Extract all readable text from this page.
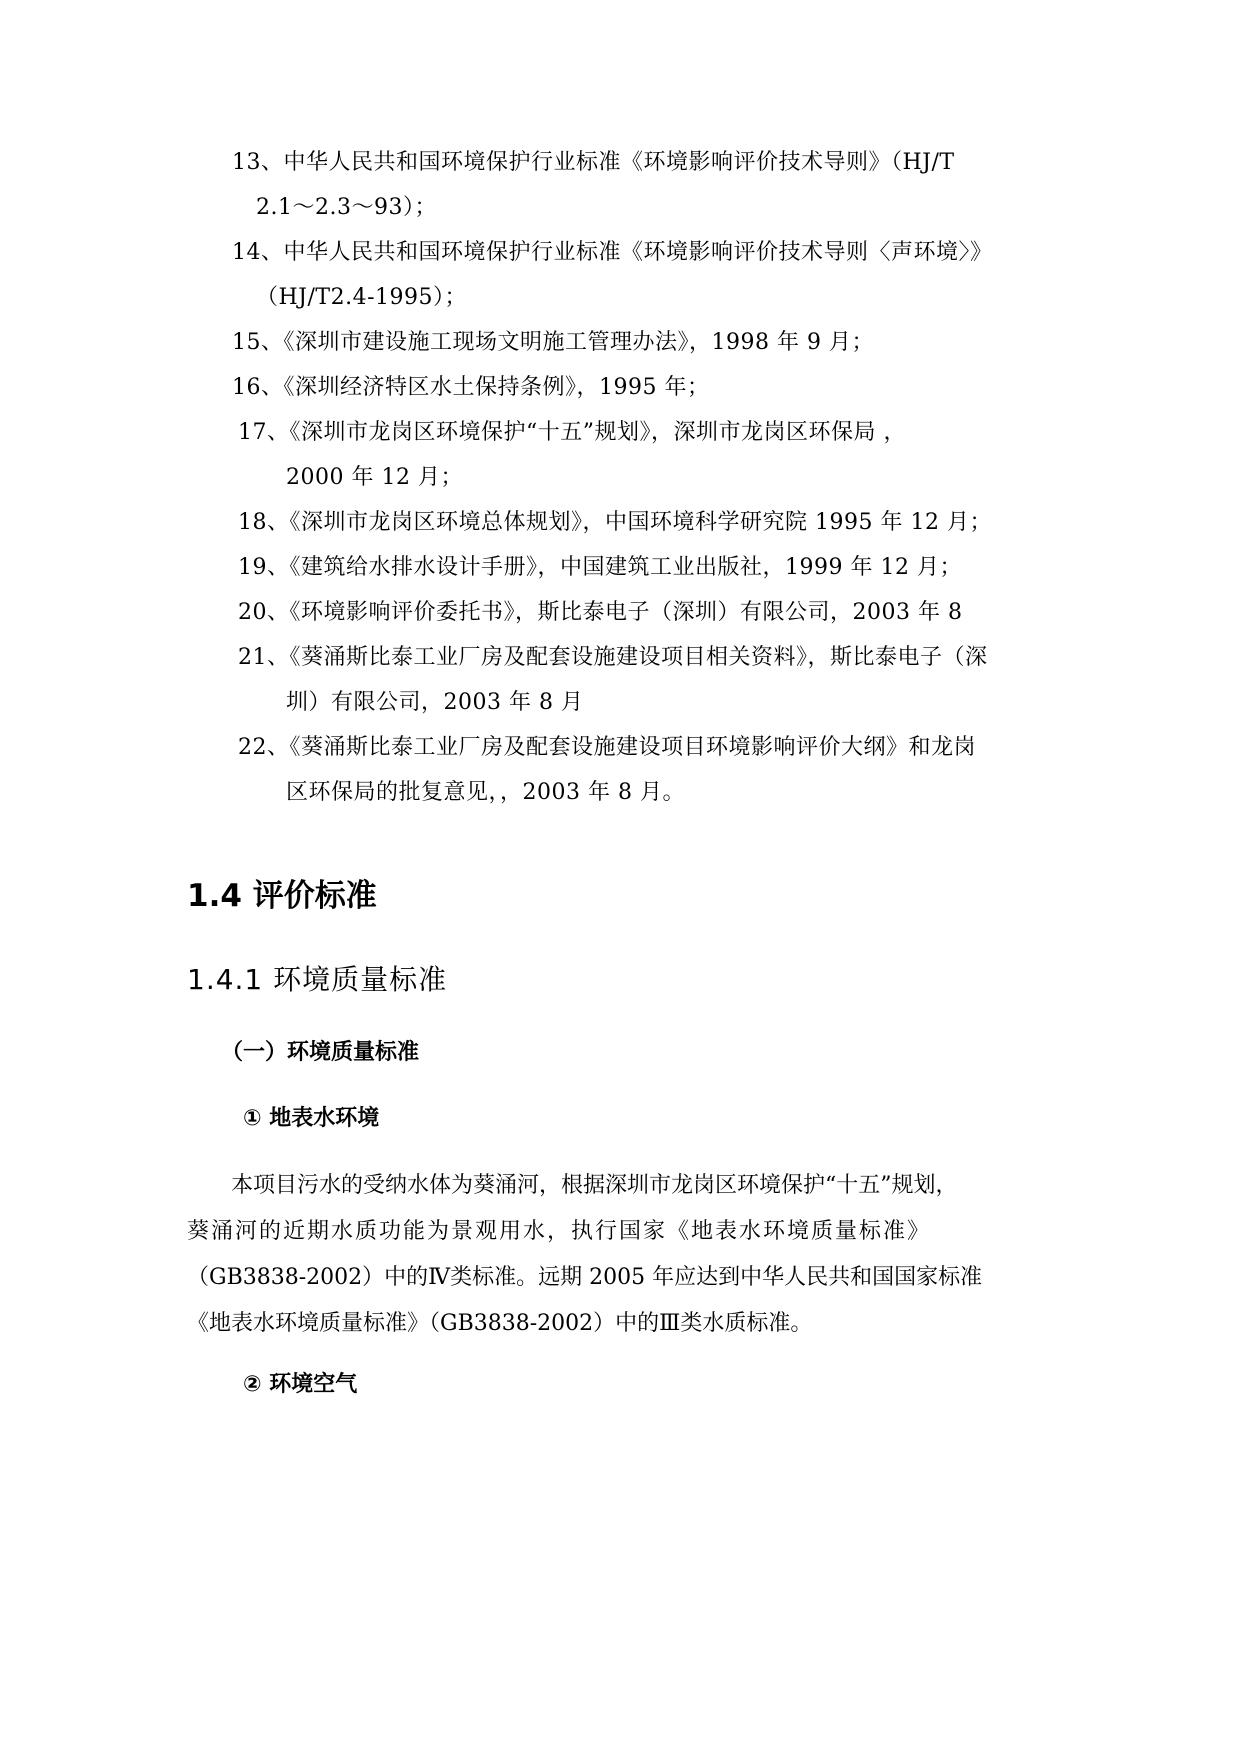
13、中华人民共和国环境保护行业标准《环境影响评价技术导则》（HJ/T
2.1～2.3～93）；
14、中华人民共和国环境保护行业标准《环境影响评价技术导则〈声环境〉》
（HJ/T2.4-1995）；
15、《深圳市建设施工现场文明施工管理办法》，1998 年 9 月；
16、《深圳经济特区水土保持条例》，1995 年；
17、《深圳市龙岗区环境保护“十五”规划》，深圳市龙岗区环保局 ，
2000 年 12 月；
18、《深圳市龙岗区环境总体规划》，中国环境科学研究院 1995 年 12 月；
19、《建筑给水排水设计手册》，中国建筑工业出版社，1999 年 12 月；
20、《环境影响评价委托书》，斯比泰电子（深圳）有限公司，2003 年 8
21、《葵涌斯比泰工业厂房及配套设施建设项目相关资料》，斯比泰电子（深
圳）有限公司，2003 年 8 月
22、《葵涌斯比泰工业厂房及配套设施建设项目环境影响评价大纲》和龙岗
区环保局的批复意见，，2003 年 8 月。
1.4 评价标准
1.4.1 环境质量标准
（一）环境质量标准
① 地表水环境
本项目污水的受纳水体为葵涌河，根据深圳市龙岗区环境保护“十五”规划，
葵涌河的近期水质功能为景观用水，执行国家《地表水环境质量标准》
（GB3838-2002）中的Ⅳ类标准。远期 2005 年应达到中华人民共和国国家标准
《地表水环境质量标准》（GB3838-2002）中的Ⅲ类水质标准。
② 环境空气
